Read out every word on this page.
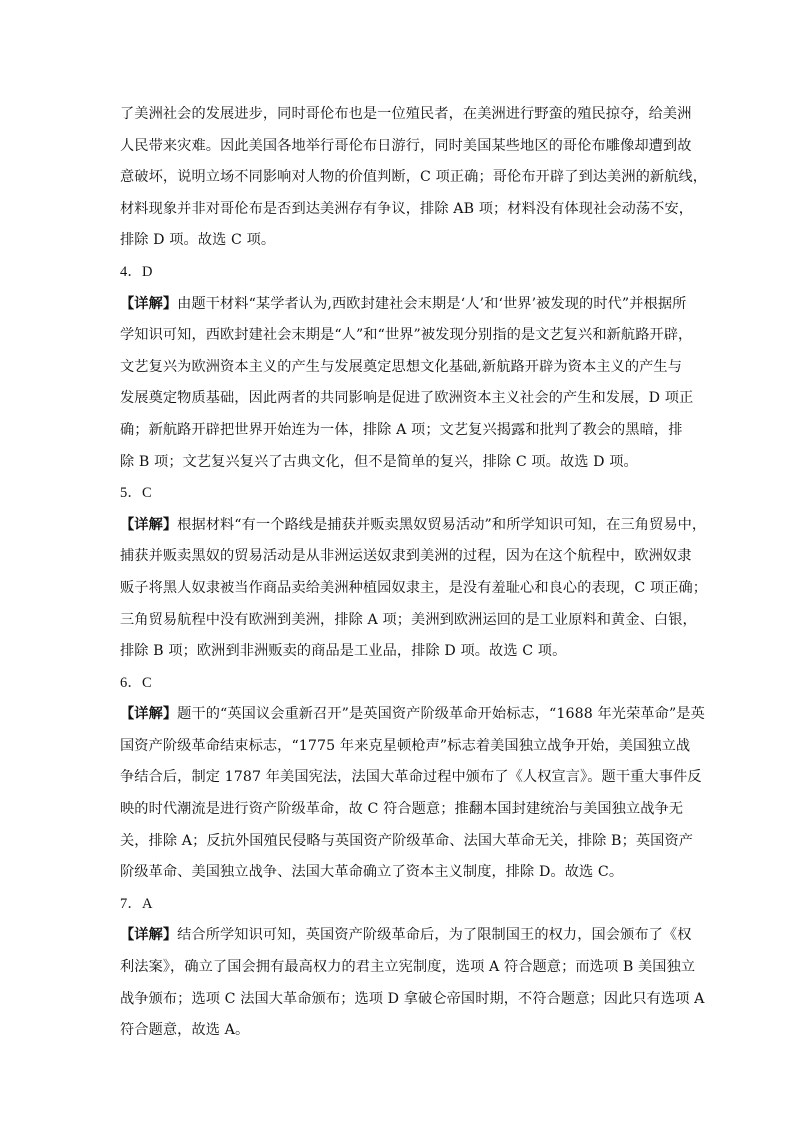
了美洲社会的发展进步，同时哥伦布也是一位殖民者，在美洲进行野蛮的殖民掠夺，给美洲
人民带来灾难。因此美国各地举行哥伦布日游行，同时美国某些地区的哥伦布雕像却遭到故
意破坏，说明立场不同影响对人物的价值判断，C 项正确；哥伦布开辟了到达美洲的新航线，
材料现象并非对哥伦布是否到达美洲存有争议，排除 AB 项；材料没有体现社会动荡不安，
排除 D 项。故选 C 项。
4．D
【详解】由题干材料“某学者认为,西欧封建社会末期是‘人’和‘世界’被发现的时代”并根据所
学知识可知，西欧封建社会末期是“人”和“世界”被发现分别指的是文艺复兴和新航路开辟，
文艺复兴为欧洲资本主义的产生与发展奠定思想文化基础,新航路开辟为资本主义的产生与
发展奠定物质基础，因此两者的共同影响是促进了欧洲资本主义社会的产生和发展，D 项正
确；新航路开辟把世界开始连为一体，排除 A 项；文艺复兴揭露和批判了教会的黑暗，排
除 B 项；文艺复兴复兴了古典文化，但不是简单的复兴，排除 C 项。故选 D 项。
5．C
【详解】根据材料“有一个路线是捕获并贩卖黑奴贸易活动”和所学知识可知，在三角贸易中，
捕获并贩卖黑奴的贸易活动是从非洲运送奴隶到美洲的过程，因为在这个航程中，欧洲奴隶
贩子将黑人奴隶被当作商品卖给美洲种植园奴隶主，是没有羞耻心和良心的表现，C 项正确；
三角贸易航程中没有欧洲到美洲，排除 A 项；美洲到欧洲运回的是工业原料和黄金、白银，
排除 B 项；欧洲到非洲贩卖的商品是工业品，排除 D 项。故选 C 项。
6．C
【详解】题干的“英国议会重新召开”是英国资产阶级革命开始标志，“1688 年光荣革命”是英
国资产阶级革命结束标志，“1775 年来克星顿枪声”标志着美国独立战争开始，美国独立战
争结合后，制定 1787 年美国宪法，法国大革命过程中颁布了《人权宣言》。题干重大事件反
映的时代潮流是进行资产阶级革命，故 C 符合题意；推翻本国封建统治与美国独立战争无
关，排除 A；反抗外国殖民侵略与英国资产阶级革命、法国大革命无关，排除 B；英国资产
阶级革命、美国独立战争、法国大革命确立了资本主义制度，排除 D。故选 C。
7．A
【详解】结合所学知识可知，英国资产阶级革命后，为了限制国王的权力，国会颁布了《权
利法案》，确立了国会拥有最高权力的君主立宪制度，选项 A 符合题意；而选项 B 美国独立
战争颁布；选项 C 法国大革命颁布；选项 D 拿破仑帝国时期，不符合题意；因此只有选项 A
符合题意，故选 A。
